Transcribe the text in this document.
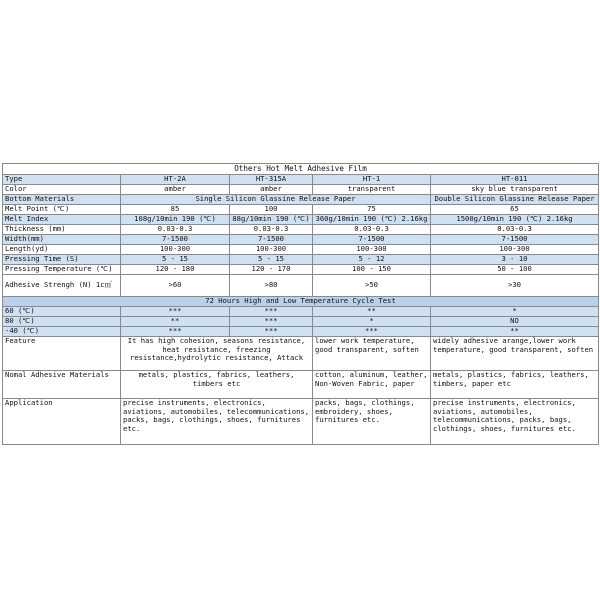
Others Hot Melt Adhesive Film				
Type	HT-2A	HT-315A	HT-1	HT-011
Color	amber	amber	transparent	sky blue transparent
Bottom Materials	Single Silicon Glassine Release Paper			Double Silicon Glassine Release Paper
Melt Point (℃)	85	100	75	65
Melt Index	108g/10min 190 (℃)	88g/10min 190 (℃)	360g/10min 190 (℃) 2.16kg	1500g/10min 190 (℃) 2.16kg
Thickness (mm)	0.03-0.3	0.03-0.3	0.03-0.3	0.03-0.3
Width(mm)	7-1500	7-1500	7-1500	7-1500
Length(yd)	100-300	100-300	100-300	100-300
Pressing Time (S)	5 - 15	5 - 15	5 - 12	3 - 10
Pressing Temperature (℃)	120 - 180	120 - 170	100 - 150	50 - 100
Adhesive Strengh (N) 1c㎡	>60	>80	>50	>30
72 Hours High and Low Temperature Cycle Test				
60 (℃)	***	***	**	*
80 (℃)	**	***	*	NO
-40 (℃)	***	***	***	**
Feature	It has high cohesion, seasons resistance, heat resistance, freezing resistance,hydrolytic resistance, Attack		lower work temperature, good transparent, soften	widely adhesive arange,lower work temperature, good transparent, soften
Nomal Adhesive Materials	metals, plastics, fabrics, leathers, timbers etc		cotton, aluminum, leather, Non-Woven Fabric, paper	metals, plastics, fabrics, leathers, timbers, paper etc
Application	precise instruments, electronics, aviations, automobiles, telecommunications, packs, bags, clothings, shoes, furnitures etc.		packs, bags, clothings, embroidery, shoes, furnitures etc.	precise instruments, electronics, aviations, automobiles, telecommunications, packs, bags, clothings, shoes, furnitures etc.
